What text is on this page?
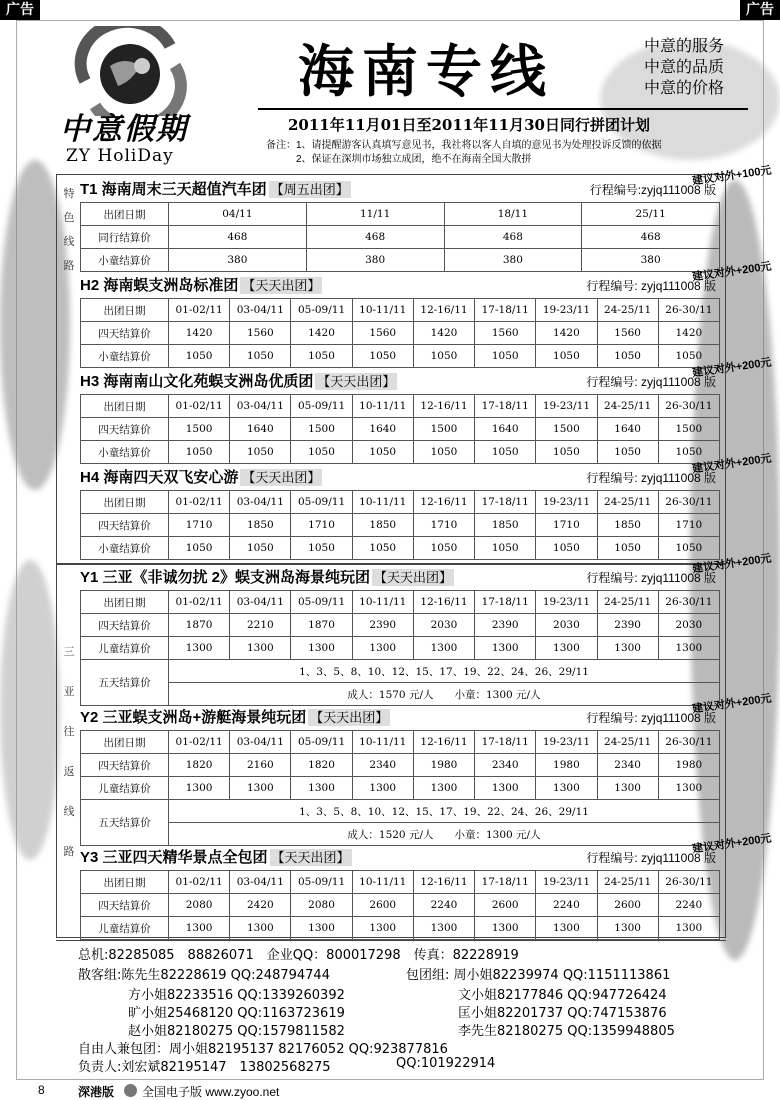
广告	广告
中意假期
ZY HoliDay
海南专线	中意的服务
中意的品质
中意的价格
2011年11月01日至2011年11月30日同行拼团计划
备注：1、请提醒游客认真填写意见书，我社将以客人自填的意见书为处理投诉反馈的依据
2、保证在深圳市场独立成团，绝不在海南全国大散拼
特
色
线
路
三
亚
往
返
线
路
T1 海南周末三天超值汽车团 【周五出团】	行程编号:zyjq111008 版
建议对外+100元
出团日期	04/11	11/11	18/11	25/11
同行结算价	468	468	468	468
小童结算价	380	380	380	380
H2 海南蜈支洲岛标准团 【天天出团】	行程编号: zyjq111008 版
建议对外+200元
出团日期	01-02/11	03-04/11	05-09/11	10-11/11	12-16/11	17-18/11	19-23/11	24-25/11	26-30/11
四天结算价	1420	1560	1420	1560	1420	1560	1420	1560	1420
小童结算价	1050	1050	1050	1050	1050	1050	1050	1050	1050
H3 海南南山文化苑蜈支洲岛优质团 【天天出团】	行程编号: zyjq111008 版
建议对外+200元
出团日期	01-02/11	03-04/11	05-09/11	10-11/11	12-16/11	17-18/11	19-23/11	24-25/11	26-30/11
四天结算价	1500	1640	1500	1640	1500	1640	1500	1640	1500
小童结算价	1050	1050	1050	1050	1050	1050	1050	1050	1050
H4 海南四天双飞安心游 【天天出团】	行程编号: zyjq111008 版
建议对外+200元
出团日期	01-02/11	03-04/11	05-09/11	10-11/11	12-16/11	17-18/11	19-23/11	24-25/11	26-30/11
四天结算价	1710	1850	1710	1850	1710	1850	1710	1850	1710
小童结算价	1050	1050	1050	1050	1050	1050	1050	1050	1050
Y1 三亚《非诚勿扰 2》蜈支洲岛海景纯玩团 【天天出团】	行程编号: zyjq111008 版
建议对外+200元
出团日期	01-02/11	03-04/11	05-09/11	10-11/11	12-16/11	17-18/11	19-23/11	24-25/11	26-30/11
四天结算价	1870	2210	1870	2390	2030	2390	2030	2390	2030
儿童结算价	1300	1300	1300	1300	1300	1300	1300	1300	1300
五天结算价	1、3、5、8、10、12、15、17、19、22、24、26、29/11								
	成人：1570 元/人　　小童：1300 元/人								
Y2 三亚蜈支洲岛+游艇海景纯玩团 【天天出团】	行程编号: zyjq111008 版
建议对外+200元
出团日期	01-02/11	03-04/11	05-09/11	10-11/11	12-16/11	17-18/11	19-23/11	24-25/11	26-30/11
四天结算价	1820	2160	1820	2340	1980	2340	1980	2340	1980
儿童结算价	1300	1300	1300	1300	1300	1300	1300	1300	1300
五天结算价	1、3、5、8、10、12、15、17、19、22、24、26、29/11								
	成人：1520 元/人　　小童：1300 元/人								
Y3 三亚四天精华景点全包团 【天天出团】	行程编号: zyjq111008 版
建议对外+200元
出团日期	01-02/11	03-04/11	05-09/11	10-11/11	12-16/11	17-18/11	19-23/11	24-25/11	26-30/11
四天结算价	2080	2420	2080	2600	2240	2600	2240	2600	2240
儿童结算价	1300	1300	1300	1300	1300	1300	1300	1300	1300
总机:82285085　88826071　企业QQ：800017298　传真：82228919
散客组:陈先生82228619 QQ:248794744
方小姐82233516 QQ:1339260392
旷小姐25468120 QQ:1163723619
赵小姐82180275 QQ:1579811582
包团组: 周小姐82239974 QQ:1151113861
文小姐82177846 QQ:947726424
匡小姐82201737 QQ:747153876
李先生82180275 QQ:1359948805
自由人兼包团：周小姐82195137 82176052 QQ:923877816
负责人:刘宏斌82195147　13802568275	QQ:101922914
8	深港版 全国电子版 www.zyoo.net
